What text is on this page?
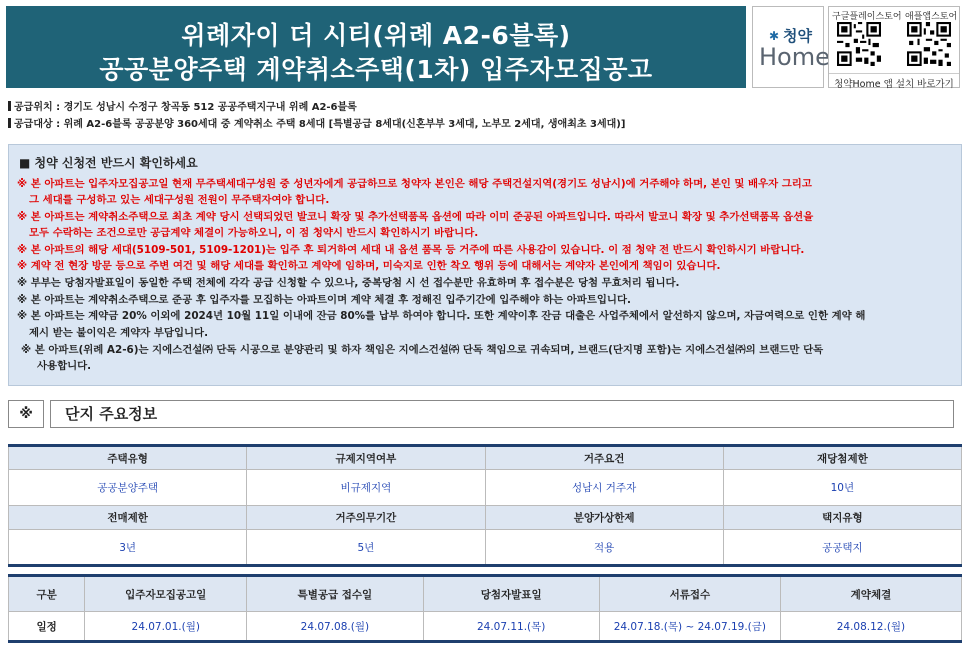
위례자이 더 시티(위례 A2-6블록)
공공분양주택 계약취소주택(1차) 입주자모집공고
✱ 청약
Home
구글플레이스토어 애플앱스토어
청약Home 앱 설치 바로가기
공급위치 : 경기도 성남시 수정구 창곡동 512 공공주택지구내 위례 A2-6블록
공급대상 : 위례 A2-6블록 공공분양 360세대 중 계약취소 주택 8세대 [특별공급 8세대(신혼부부 3세대, 노부모 2세대, 생애최초 3세대)]
■ 청약 신청전 반드시 확인하세요
※ 본 아파트는 입주자모집공고일 현재 무주택세대구성원 중 성년자에게 공급하므로 청약자 본인은 해당 주택건설지역(경기도 성남시)에 거주해야 하며, 본인 및 배우자 그리고
그 세대를 구성하고 있는 세대구성원 전원이 무주택자여야 합니다.
※ 본 아파트는 계약취소주택으로 최초 계약 당시 선택되었던 발코니 확장 및 추가선택품목 옵션에 따라 이미 준공된 아파트입니다. 따라서 발코니 확장 및 추가선택품목 옵션을
모두 수락하는 조건으로만 공급계약 체결이 가능하오니, 이 점 청약시 반드시 확인하시기 바랍니다.
※ 본 아파트의 해당 세대(5109-501, 5109-1201)는 입주 후 퇴거하여 세대 내 옵션 품목 등 거주에 따른 사용감이 있습니다. 이 점 청약 전 반드시 확인하시기 바랍니다.
※ 계약 전 현장 방문 등으로 주변 여건 및 해당 세대를 확인하고 계약에 임하며, 미숙지로 인한 착오 행위 등에 대해서는 계약자 본인에게 책임이 있습니다.
※ 부부는 당첨자발표일이 동일한 주택 전체에 각각 공급 신청할 수 있으나, 중복당첨 시 선 접수분만 유효하며 후 접수분은 당첨 무효처리 됩니다.
※ 본 아파트는 계약취소주택으로 준공 후 입주자를 모집하는 아파트이며 계약 체결 후 정해진 입주기간에 입주해야 하는 아파트입니다.
※ 본 아파트는 계약금 20% 이외에 2024년 10월 11일 이내에 잔금 80%를 납부 하여야 합니다. 또한 계약이후 잔금 대출은 사업주체에서 알선하지 않으며, 자금여력으로 인한 계약 해
제시 받는 불이익은 계약자 부담입니다.
※ 본 아파트(위례 A2-6)는 지에스건설㈜ 단독 시공으로 분양관리 및 하자 책임은 지에스건설㈜ 단독 책임으로 귀속되며, 브랜드(단지명 포함)는 지에스건설㈜의 브랜드만 단독
사용합니다.
※	단지 주요정보
주택유형	규제지역여부	거주요건	재당첨제한
공공분양주택	비규제지역	성남시 거주자	10년
전매제한	거주의무기간	분양가상한제	택지유형
3년	5년	적용	공공택지
구분	입주자모집공고일	특별공급 접수일	당첨자발표일	서류접수	계약체결
일정	24.07.01.(월)	24.07.08.(월)	24.07.11.(목)	24.07.18.(목) ~ 24.07.19.(금)	24.08.12.(월)
